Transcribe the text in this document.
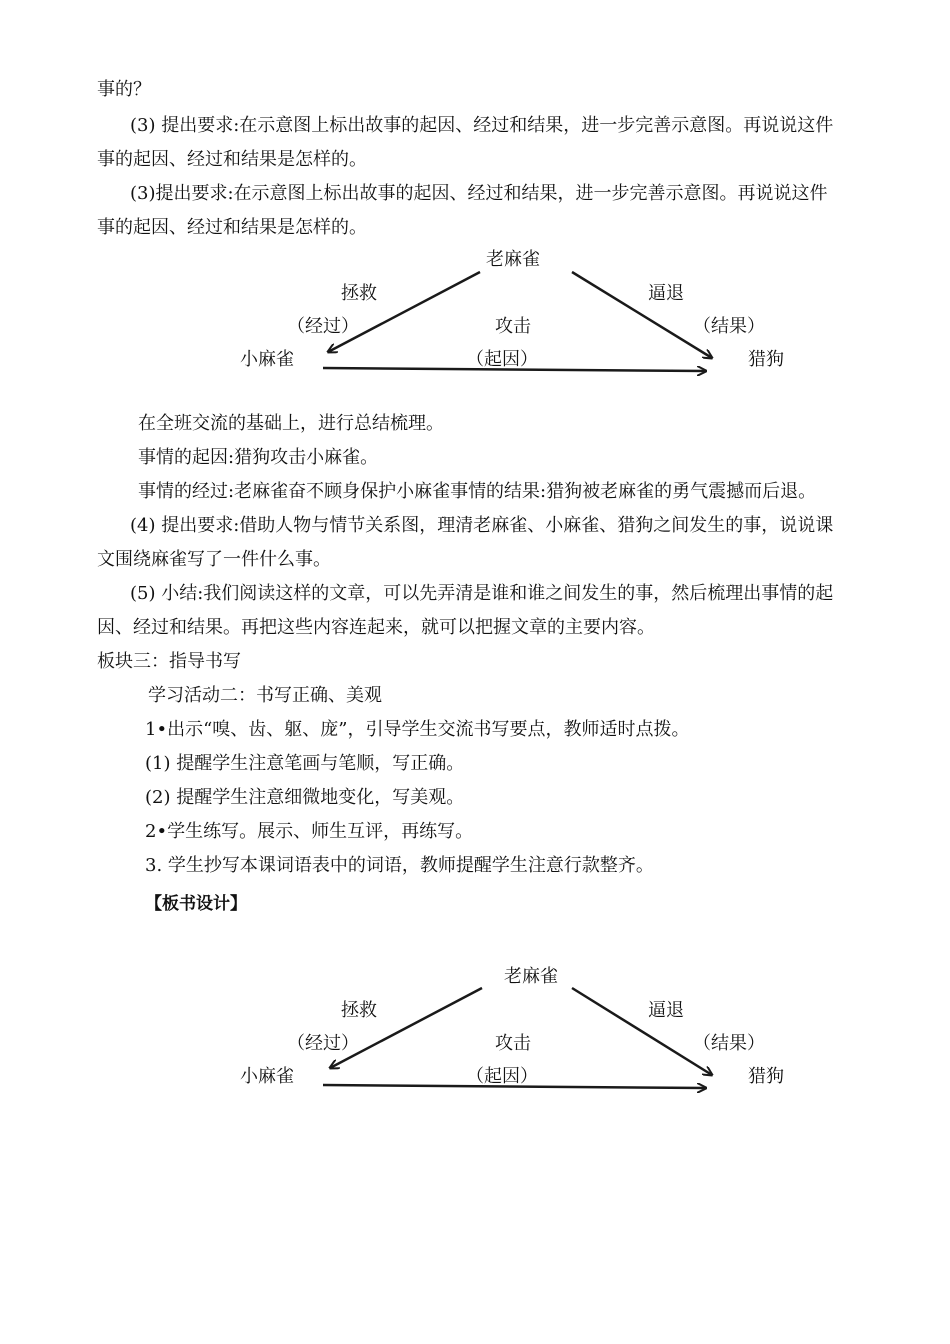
事的？
(3) 提出要求:在示意图上标出故事的起因、经过和结果，进一步完善示意图。再说说这件
事的起因、经过和结果是怎样的。
(3)提出要求:在示意图上标出故事的起因、经过和结果，进一步完善示意图。再说说这件
事的起因、经过和结果是怎样的。
老麻雀
拯救	逼退
（经过）	攻击	（结果）
小麻雀	（起因）	猎狗
在全班交流的基础上，进行总结梳理。
事情的起因:猎狗攻击小麻雀。
事情的经过:老麻雀奋不顾身保护小麻雀事情的结果:猎狗被老麻雀的勇气震撼而后退。
(4) 提出要求:借助人物与情节关系图，理清老麻雀、小麻雀、猎狗之间发生的事，说说课
文围绕麻雀写了一件什么事。
(5) 小结:我们阅读这样的文章，可以先弄清是谁和谁之间发生的事，然后梳理出事情的起
因、经过和结果。再把这些内容连起来，就可以把握文章的主要内容。
板块三：指导书写
学习活动二：书写正确、美观
1•出示“嗅、齿、躯、庞”，引导学生交流书写要点，教师适时点拨。
(1) 提醒学生注意笔画与笔顺，写正确。
(2) 提醒学生注意细微地变化，写美观。
2•学生练写。展示、师生互评，再练写。
3. 学生抄写本课词语表中的词语，教师提醒学生注意行款整齐。
【板书设计】
老麻雀
拯救	逼退
（经过）	攻击	（结果）
小麻雀	（起因）	猎狗
